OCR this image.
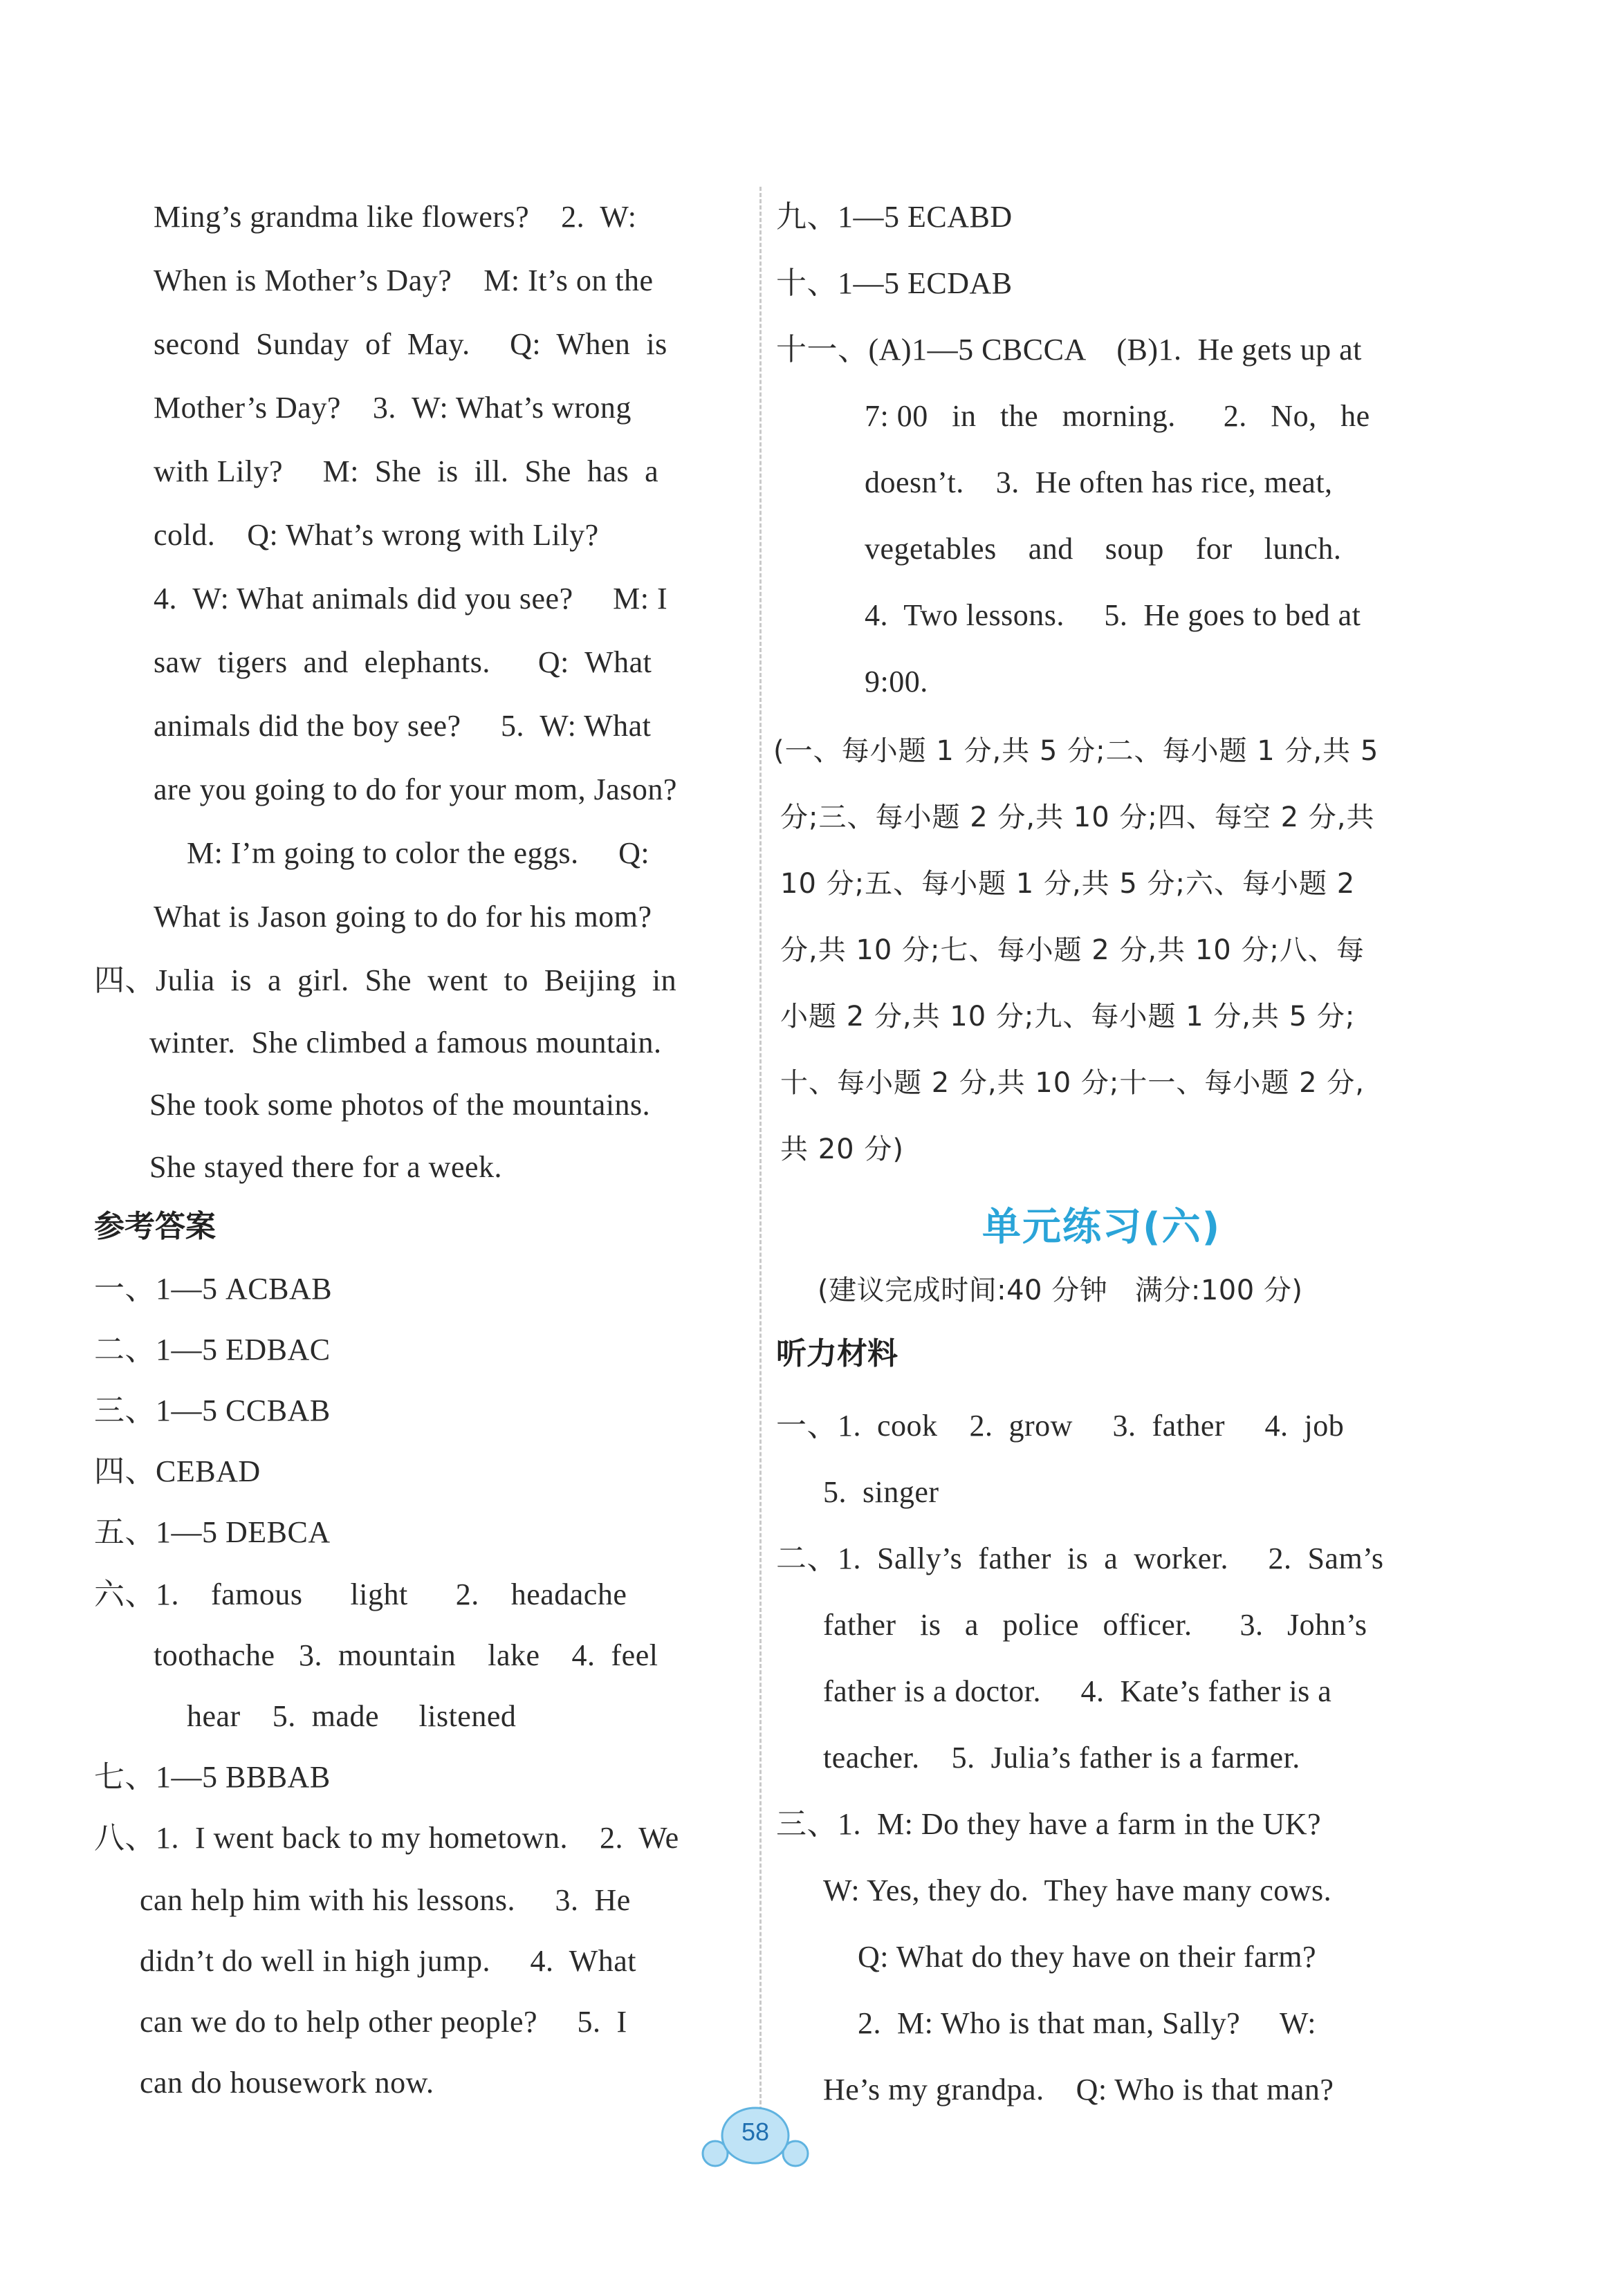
Ming’s grandma like flowers?    2.  W:
When is Mother’s Day?    M: It’s on the
second  Sunday  of  May.     Q:  When  is
Mother’s Day?    3.  W: What’s wrong
with Lily?     M:  She  is  ill.  She  has  a
cold.    Q: What’s wrong with Lily?
4.  W: What animals did you see?     M: I
saw  tigers  and  elephants.      Q:  What
animals did the boy see?     5.  W: What
are you going to do for your mom, Jason?
M: I’m going to color the eggs.     Q:
What is Jason going to do for his mom?
四、Julia  is  a  girl.  She  went  to  Beijing  in
winter.  She climbed a famous mountain.
She took some photos of the mountains.
She stayed there for a week.
参考答案
一、1—5 ACBAB
二、1—5 EDBAC
三、1—5 CCBAB
四、CEBAD
五、1—5 DEBCA
六、1.    famous      light      2.    headache
toothache   3.  mountain    lake    4.  feel
hear    5.  made     listened
七、1—5 BBBAB
八、1.  I went back to my hometown.    2.  We
can help him with his lessons.     3.  He
didn’t do well in high jump.     4.  What
can we do to help other people?     5.  I
can do housework now.
九、1—5 ECABD
十、1—5 ECDAB
十一、(A)1—5 CBCCA    (B)1.  He gets up at
7: 00   in   the   morning.      2.   No,   he
doesn’t.    3.  He often has rice, meat,
vegetables    and    soup    for    lunch.
4.  Two lessons.     5.  He goes to bed at
9:00.
(一、每小题 1 分,共 5 分;二、每小题 1 分,共 5
分;三、每小题 2 分,共 10 分;四、每空 2 分,共
10 分;五、每小题 1 分,共 5 分;六、每小题 2
分,共 10 分;七、每小题 2 分,共 10 分;八、每
小题 2 分,共 10 分;九、每小题 1 分,共 5 分;
十、每小题 2 分,共 10 分;十一、每小题 2 分,
共 20 分)
(建议完成时间:40 分钟   满分:100 分)
听力材料
一、1.  cook    2.  grow     3.  father     4.  job
5.  singer
二、1.  Sally’s  father  is  a  worker.     2.  Sam’s
father   is   a   police   officer.      3.   John’s
father is a doctor.     4.  Kate’s father is a
teacher.    5.  Julia’s father is a farmer.
三、1.  M: Do they have a farm in the UK?
W: Yes, they do.  They have many cows.
Q: What do they have on their farm?
2.  M: Who is that man, Sally?     W:
He’s my grandpa.    Q: Who is that man?
单元练习(六)
58
